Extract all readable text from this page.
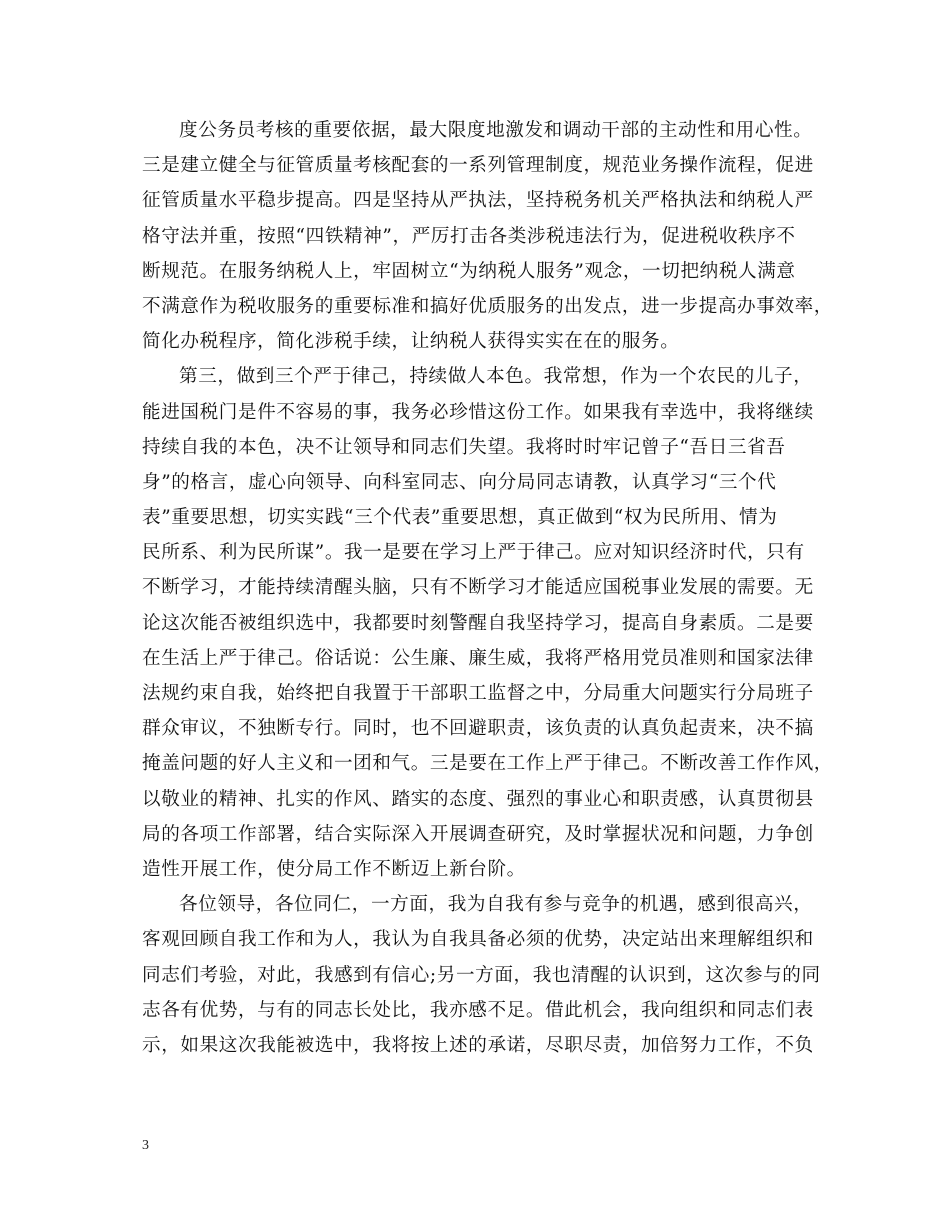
度公务员考核的重要依据，最大限度地激发和调动干部的主动性和用心性。
三是建立健全与征管质量考核配套的一系列管理制度，规范业务操作流程，促进
征管质量水平稳步提高。四是坚持从严执法，坚持税务机关严格执法和纳税人严
格守法并重，按照“四铁精神”，严厉打击各类涉税违法行为，促进税收秩序不
断规范。在服务纳税人上，牢固树立“为纳税人服务”观念，一切把纳税人满意
不满意作为税收服务的重要标准和搞好优质服务的出发点，进一步提高办事效率，
简化办税程序，简化涉税手续，让纳税人获得实实在在的服务。
第三，做到三个严于律己，持续做人本色。我常想，作为一个农民的儿子，
能进国税门是件不容易的事，我务必珍惜这份工作。如果我有幸选中，我将继续
持续自我的本色，决不让领导和同志们失望。我将时时牢记曾子“吾日三省吾
身”的格言，虚心向领导、向科室同志、向分局同志请教，认真学习“三个代
表”重要思想，切实实践“三个代表”重要思想，真正做到“权为民所用、情为
民所系、利为民所谋”。我一是要在学习上严于律己。应对知识经济时代，只有
不断学习，才能持续清醒头脑，只有不断学习才能适应国税事业发展的需要。无
论这次能否被组织选中，我都要时刻警醒自我坚持学习，提高自身素质。二是要
在生活上严于律己。俗话说：公生廉、廉生威，我将严格用党员准则和国家法律
法规约束自我，始终把自我置于干部职工监督之中，分局重大问题实行分局班子
群众审议，不独断专行。同时，也不回避职责，该负责的认真负起责来，决不搞
掩盖问题的好人主义和一团和气。三是要在工作上严于律己。不断改善工作作风，
以敬业的精神、扎实的作风、踏实的态度、强烈的事业心和职责感，认真贯彻县
局的各项工作部署，结合实际深入开展调查研究，及时掌握状况和问题，力争创
造性开展工作，使分局工作不断迈上新台阶。
各位领导，各位同仁，一方面，我为自我有参与竞争的机遇，感到很高兴，
客观回顾自我工作和为人，我认为自我具备必须的优势，决定站出来理解组织和
同志们考验，对此，我感到有信心;另一方面，我也清醒的认识到，这次参与的同
志各有优势，与有的同志长处比，我亦感不足。借此机会，我向组织和同志们表
示，如果这次我能被选中，我将按上述的承诺，尽职尽责，加倍努力工作，不负
3
